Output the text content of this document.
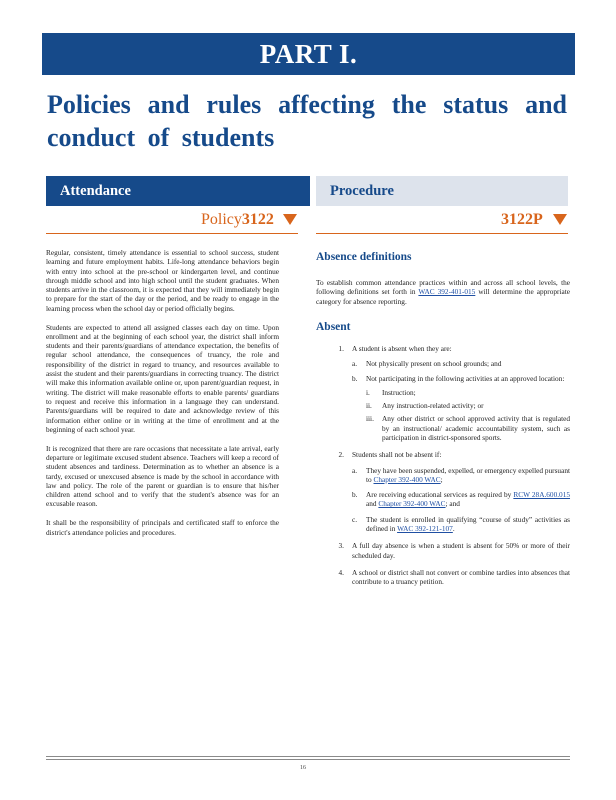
PART I.
Policies and rules affecting the status and conduct of students
Attendance	Procedure
Policy3122	3122P

Regular, consistent, timely attendance is essential to school success, student learning and future employment habits. Life-long attendance behaviors begin with entry into school at the pre-school or kindergarten level, and continue through middle school and into high school until the student graduates. When students arrive in the classroom, it is expected that they will immediately begin to prepare for the start of the day or the period, and be ready to engage in the learning process when the school day or period officially begins.

Students are expected to attend all assigned classes each day on time. Upon enrollment and at the beginning of each school year, the district shall inform students and their parents/guardians of attendance expectation, the benefits of regular school attendance, the consequences of truancy, the role and responsibility of the district in regard to truancy, and resources available to assist the student and their parents/guardians in correcting truancy. The district will make this information available online or, upon parent/guardian request, in writing. The district will make reasonable efforts to enable parents/ guardians to request and receive this information in a language they can understand. Parents/guardians will be required to date and acknowledge review of this information either online or in writing at the time of enrollment and at the beginning of each school year.

It is recognized that there are rare occasions that necessitate a late arrival, early departure or legitimate excused student absence. Teachers will keep a record of student absences and tardiness. Determination as to whether an absence is a tardy, excused or unexcused absence is made by the school in accordance with law and policy. The role of the parent or guardian is to ensure that his/her children attend school and to verify that the student's absence was for an excusable reason.

It shall be the responsibility of principals and certificated staff to enforce the district's attendance policies and procedures.

Absence definitions

To establish common attendance practices within and across all school levels, the following definitions set forth in WAC 392-401-015 will determine the appropriate category for absence reporting.

Absent
1.	A student is absent when they are:
a.	Not physically present on school grounds; and
b.	Not participating in the following activities at an approved location:
i.	Instruction;
ii.	Any instruction-related activity; or
iii.	Any other district or school approved activity that is regulated by an instructional/ academic accountability system, such as participation in district-sponsored sports.
2.	Students shall not be absent if:
a.	They have been suspended, expelled, or emergency expelled pursuant to Chapter 392-400 WAC;
b.	Are receiving educational services as required by RCW 28A.600.015 and Chapter 392-400 WAC; and
c.	The student is enrolled in qualifying “course of study” activities as defined in WAC 392-121-107.
3.	A full day absence is when a student is absent for 50% or more of their scheduled day.
4.	A school or district shall not convert or combine tardies into absences that contribute to a truancy petition.
16
